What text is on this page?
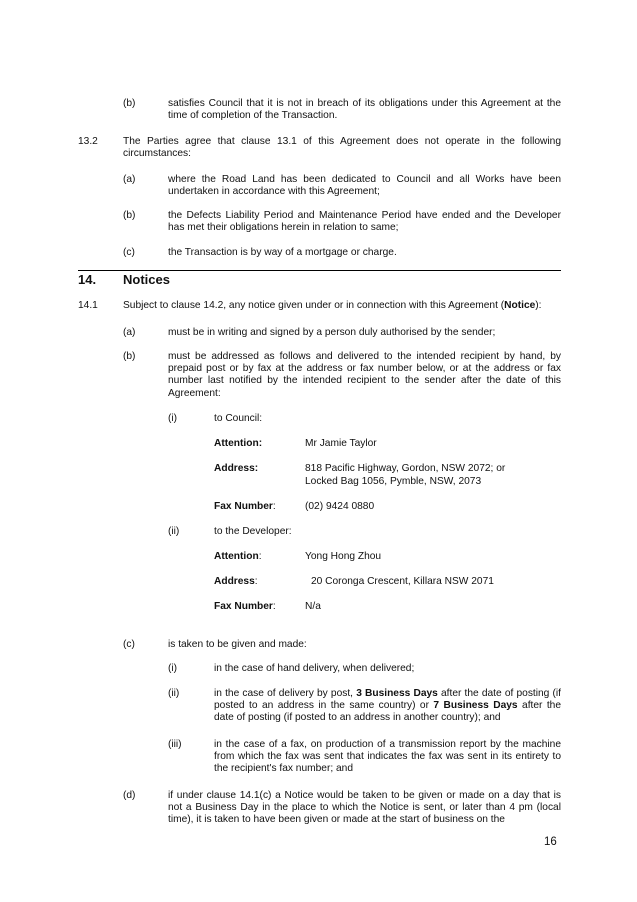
(b)	satisfies Council that it is not in breach of its obligations under this Agreement at the time of completion of the Transaction.
13.2 The Parties agree that clause 13.1 of this Agreement does not operate in the following circumstances:
(a)	where the Road Land has been dedicated to Council and all Works have been undertaken in accordance with this Agreement;
(b)	the Defects Liability Period and Maintenance Period have ended and the Developer has met their obligations herein in relation to same;
(c)	the Transaction is by way of a mortgage or charge.
14. Notices
14.1 Subject to clause 14.2, any notice given under or in connection with this Agreement (Notice):
(a)	must be in writing and signed by a person duly authorised by the sender;
(b)	must be addressed as follows and delivered to the intended recipient by hand, by prepaid post or by fax at the address or fax number below, or at the address or fax number last notified by the intended recipient to the sender after the date of this Agreement:
(i)	to Council:
Attention:	Mr Jamie Taylor
Address:	818 Pacific Highway, Gordon, NSW 2072; or
Locked Bag 1056, Pymble, NSW, 2073
Fax Number:	(02) 9424 0880
(ii)	to the Developer:
Attention:	Yong Hong Zhou
Address:	20 Coronga Crescent, Killara NSW 2071
Fax Number:	N/a
(c)	is taken to be given and made:
(i)	in the case of hand delivery, when delivered;
(ii)	in the case of delivery by post, 3 Business Days after the date of posting (if posted to an address in the same country) or 7 Business Days after the date of posting (if posted to an address in another country); and
(iii)	in the case of a fax, on production of a transmission report by the machine from which the fax was sent that indicates the fax was sent in its entirety to the recipient's fax number; and
(d)	if under clause 14.1(c) a Notice would be taken to be given or made on a day that is not a Business Day in the place to which the Notice is sent, or later than 4 pm (local time), it is taken to have been given or made at the start of business on the
16
